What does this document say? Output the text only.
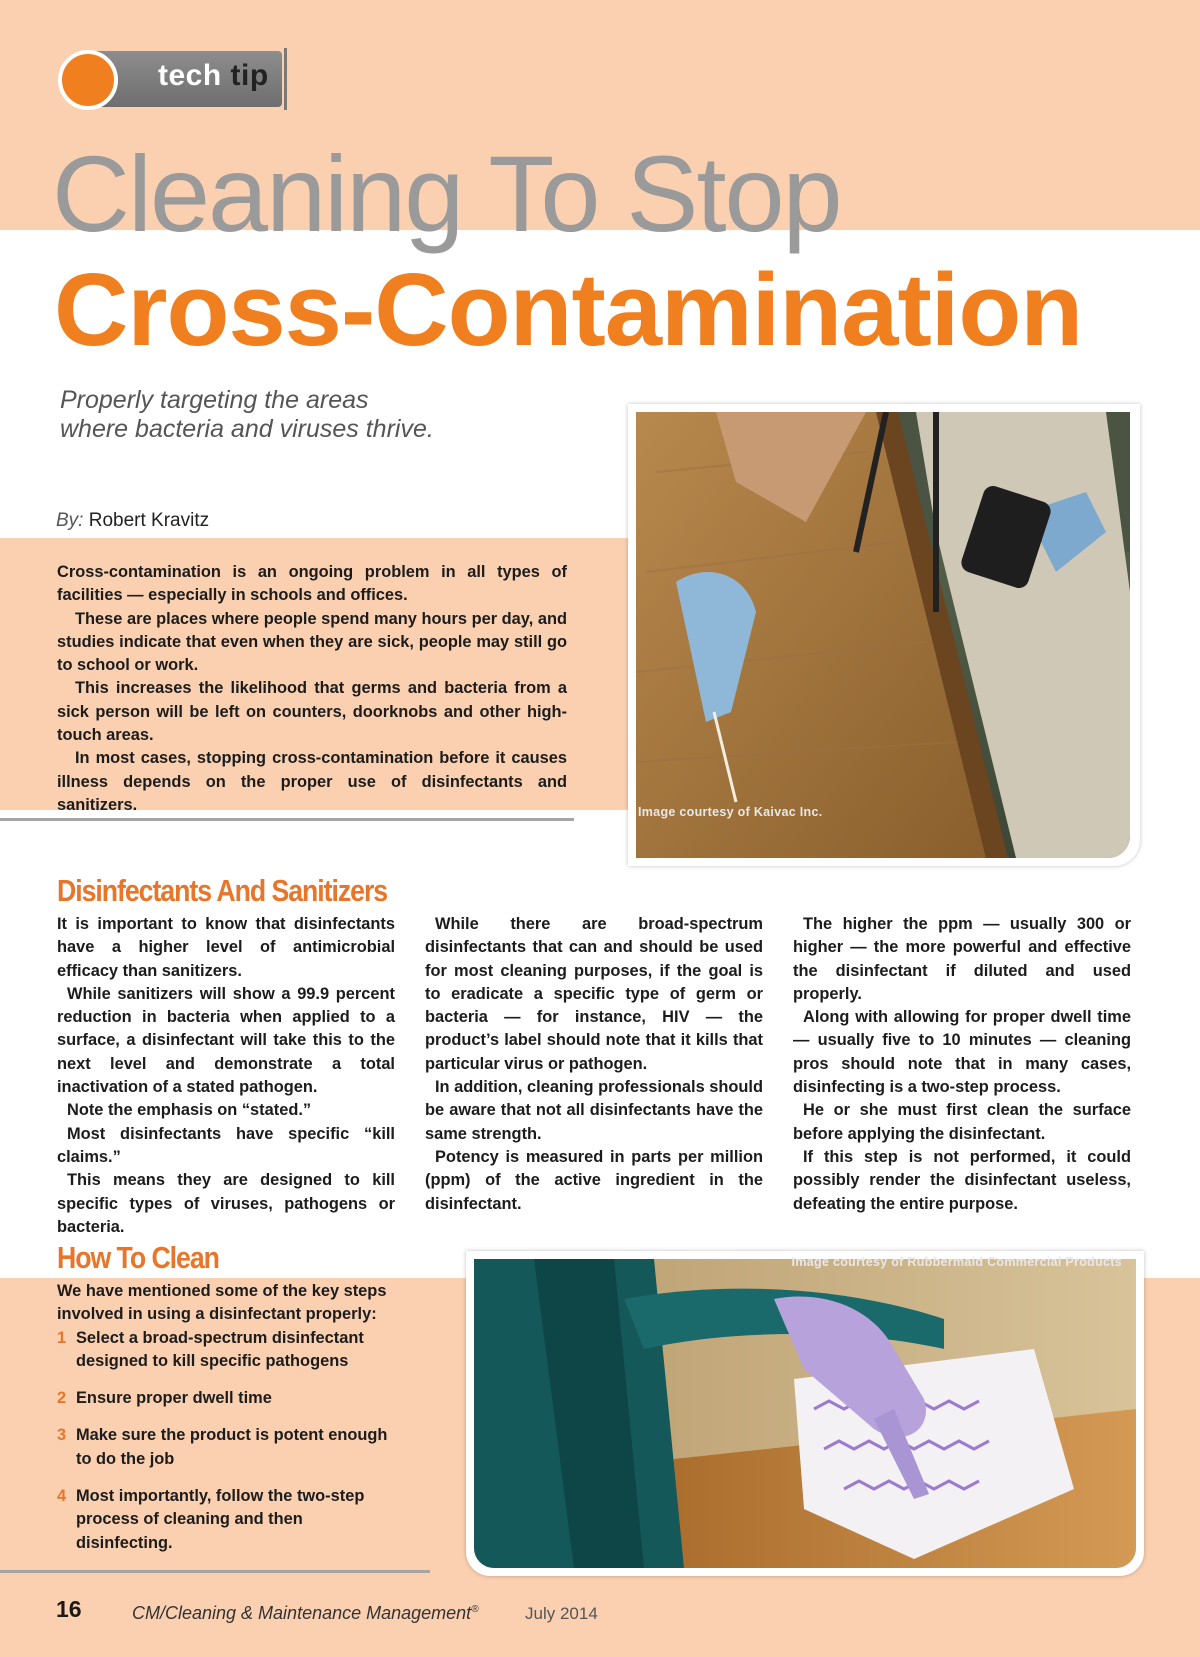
tech tip
Cleaning To Stop
Cross-Contamination
Properly targeting the areas
where bacteria and viruses thrive.
By: Robert Kravitz

Cross-contamination is an ongoing problem in all types of facilities — especially in schools and offices.

These are places where people spend many hours per day, and studies indicate that even when they are sick, people may still go to school or work.

This increases the likelihood that germs and bacteria from a sick person will be left on counters, doorknobs and other high-touch areas.

In most cases, stopping cross-contamination before it causes illness depends on the proper use of disinfectants and sanitizers.	Image courtesy of Kaivac Inc.
Disinfectants And Sanitizers

It is important to know that disinfectants have a higher level of antimicrobial efficacy than sanitizers.

While sanitizers will show a 99.9 percent reduction in bacteria when applied to a surface, a disinfectant will take this to the next level and demonstrate a total inactivation of a stated pathogen.

Note the emphasis on “stated.”

Most disinfectants have specific “kill claims.”

This means they are designed to kill specific types of viruses, pathogens or bacteria.

While there are broad-spectrum disinfectants that can and should be used for most cleaning purposes, if the goal is to eradicate a specific type of germ or bacteria — for instance, HIV — the product’s label should note that it kills that particular virus or pathogen.

In addition, cleaning professionals should be aware that not all disinfectants have the same strength.

Potency is measured in parts per million (ppm) of the active ingredient in the disinfectant.

The higher the ppm — usually 300 or higher — the more powerful and effective the disinfectant if diluted and used properly.

Along with allowing for proper dwell time — usually five to 10 minutes — cleaning pros should note that in many cases, disinfecting is a two-step process.

He or she must first clean the surface before applying the disinfectant.

If this step is not performed, it could possibly render the disinfectant useless, defeating the entire purpose.

How To Clean

We have mentioned some of the key steps involved in using a disinfectant properly:

1 Select a broad-spectrum disinfectant designed to kill specific pathogens
2 Ensure proper dwell time
3 Make sure the product is potent enough to do the job
4 Most importantly, follow the two-step process of cleaning and then disinfecting.
Image courtesy of Rubbermaid Commercial Products
16	CM/Cleaning & Maintenance Management®	July 2014
